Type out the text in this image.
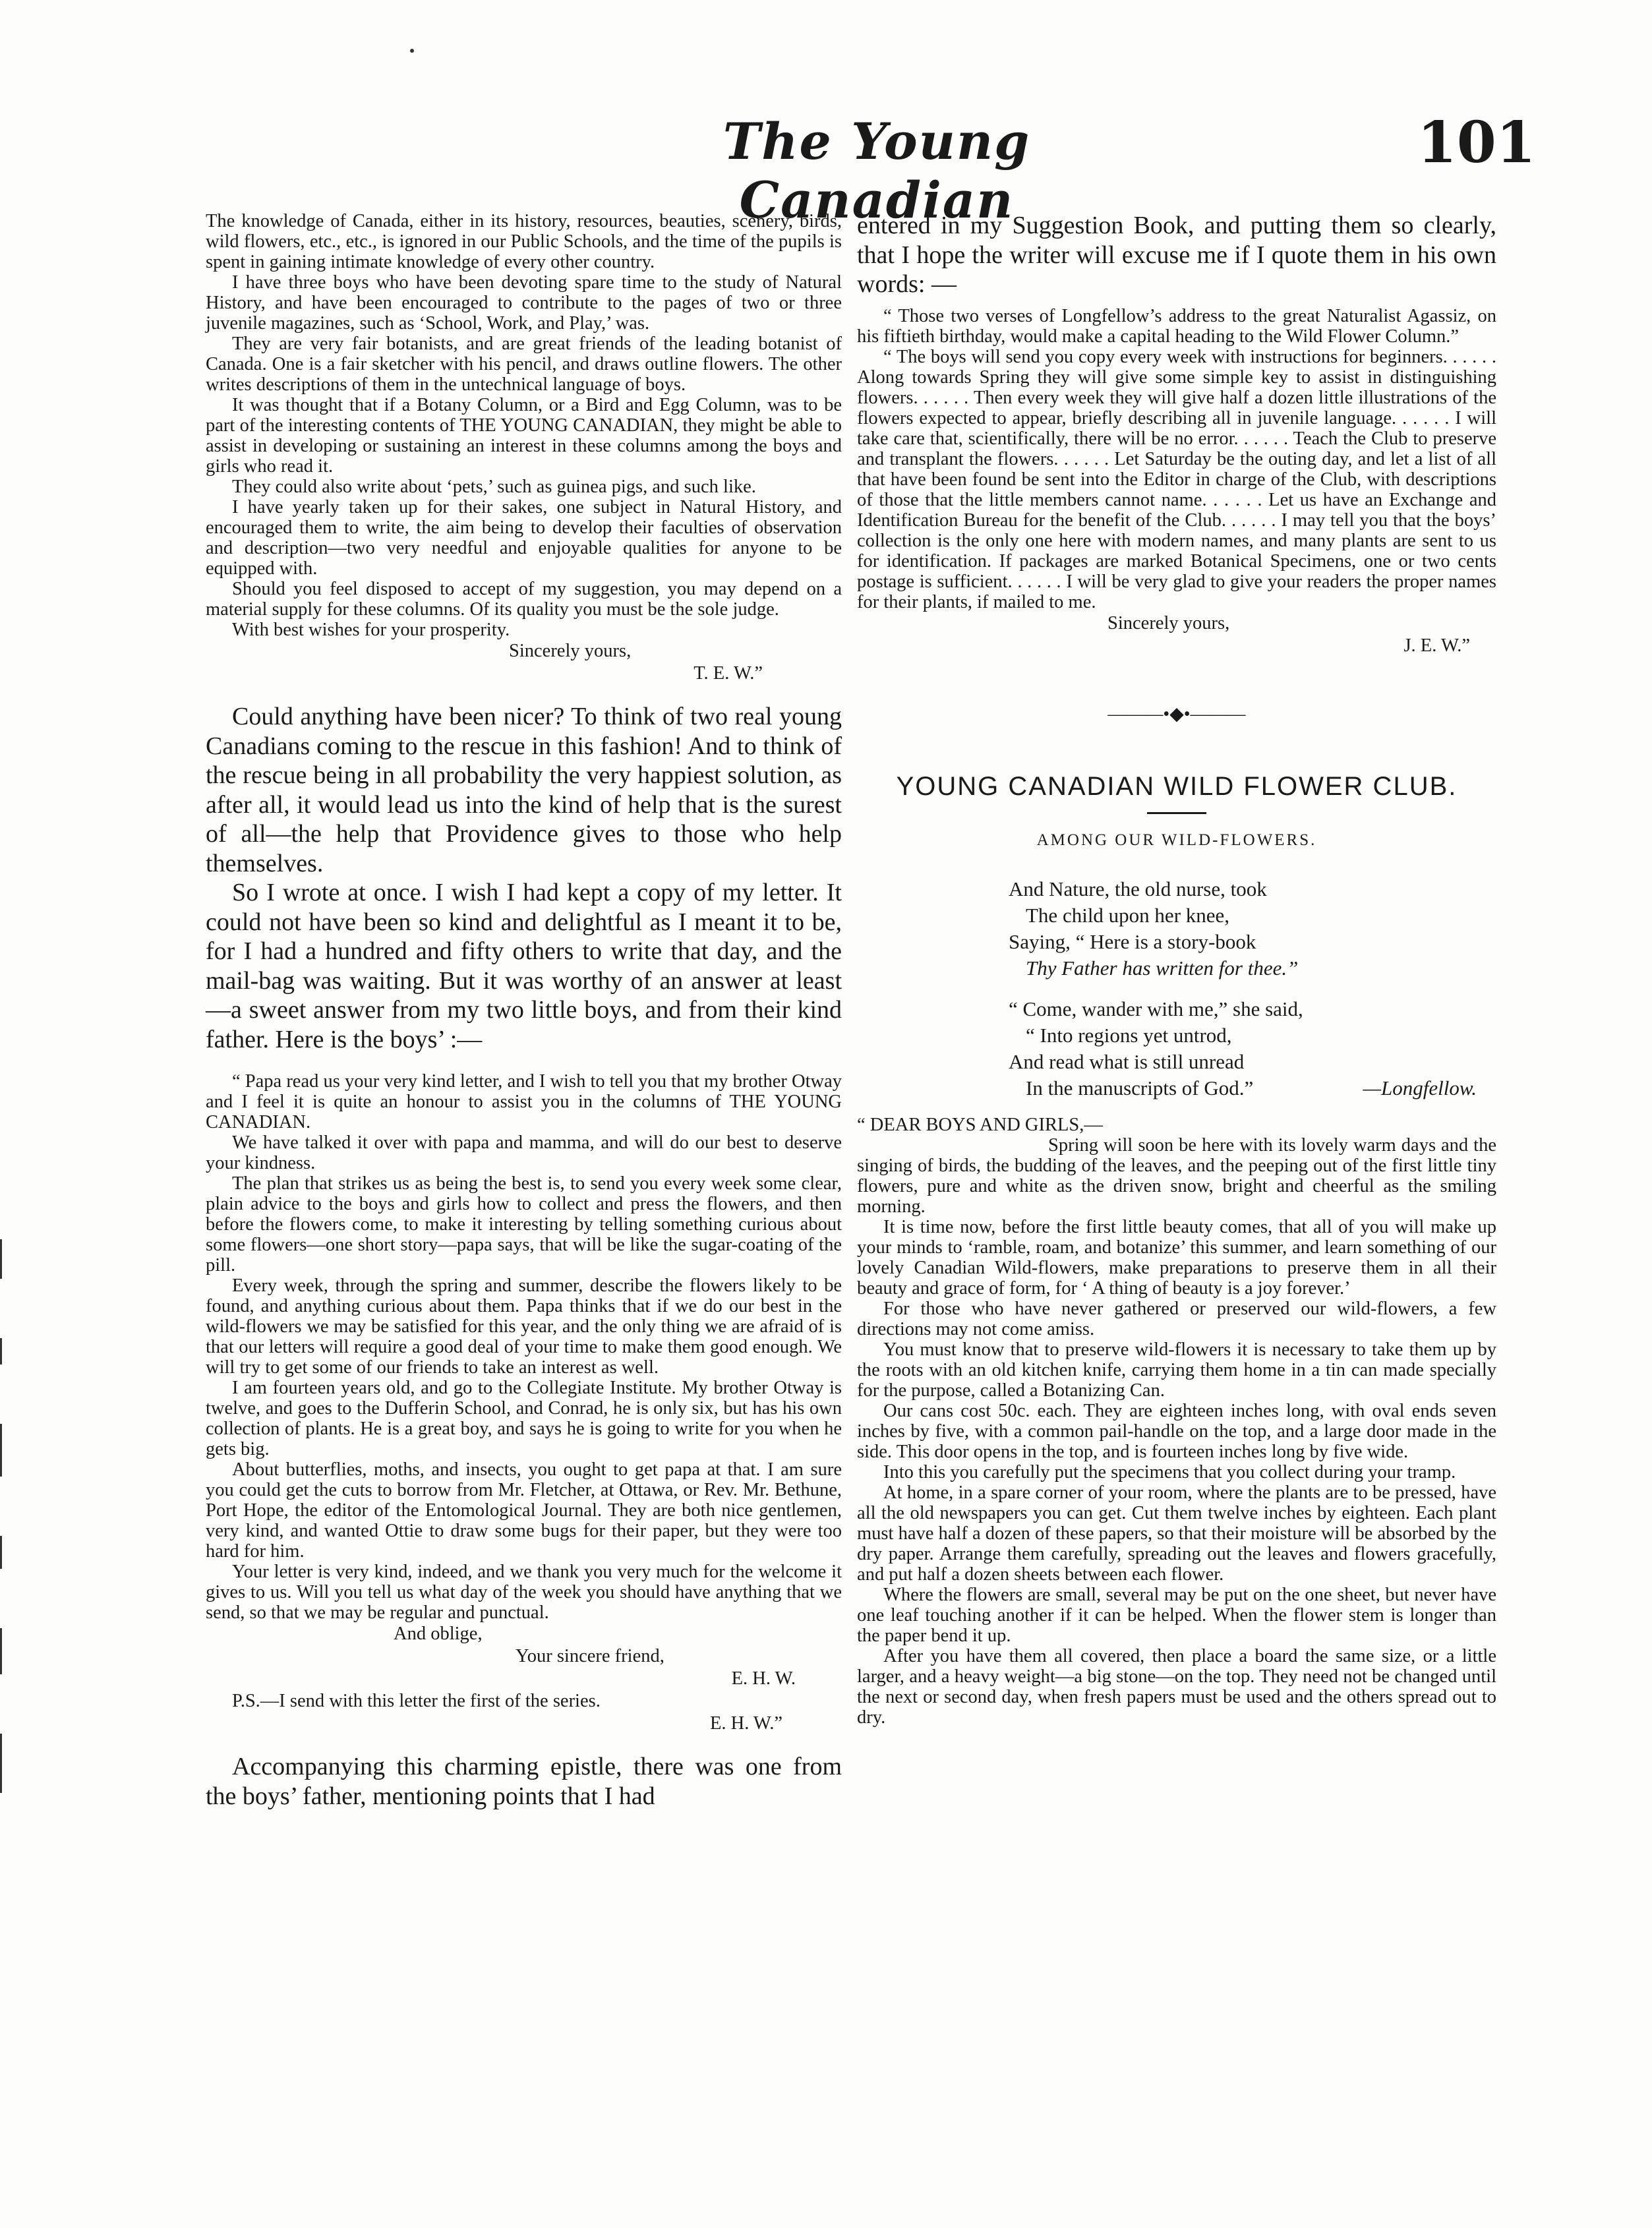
The Young Canadian
101

The knowledge of Canada, either in its history, resources, beauties, scenery, birds, wild flowers, etc., etc., is ignored in our Public Schools, and the time of the pupils is spent in gaining intimate knowledge of every other country.

I have three boys who have been devoting spare time to the study of Natural History, and have been encouraged to contribute to the pages of two or three juvenile magazines, such as ‘School, Work, and Play,’ was.

They are very fair botanists, and are great friends of the leading botanist of Canada. One is a fair sketcher with his pencil, and draws outline flowers. The other writes descriptions of them in the untechnical language of boys.

It was thought that if a Botany Column, or a Bird and Egg Column, was to be part of the interesting contents of THE YOUNG CANADIAN, they might be able to assist in developing or sustaining an interest in these columns among the boys and girls who read it.

They could also write about ‘pets,’ such as guinea pigs, and such like.

I have yearly taken up for their sakes, one subject in Natural History, and encouraged them to write, the aim being to develop their faculties of observation and description—two very needful and enjoyable qualities for anyone to be equipped with.

Should you feel disposed to accept of my suggestion, you may depend on a material supply for these columns. Of its quality you must be the sole judge.

With best wishes for your prosperity.

Sincerely yours,
T. E. W.”

Could anything have been nicer? To think of two real young Canadians coming to the rescue in this fashion! And to think of the rescue being in all probability the very happiest solution, as after all, it would lead us into the kind of help that is the surest of all—the help that Providence gives to those who help themselves.

So I wrote at once. I wish I had kept a copy of my letter. It could not have been so kind and delightful as I meant it to be, for I had a hundred and fifty others to write that day, and the mail-bag was waiting. But it was worthy of an answer at least—a sweet answer from my two little boys, and from their kind father. Here is the boys’ :—

“ Papa read us your very kind letter, and I wish to tell you that my brother Otway and I feel it is quite an honour to assist you in the columns of THE YOUNG CANADIAN.

We have talked it over with papa and mamma, and will do our best to deserve your kindness.

The plan that strikes us as being the best is, to send you every week some clear, plain advice to the boys and girls how to collect and press the flowers, and then before the flowers come, to make it interesting by telling something curious about some flowers—one short story—papa says, that will be like the sugar-coating of the pill.

Every week, through the spring and summer, describe the flowers likely to be found, and anything curious about them. Papa thinks that if we do our best in the wild-flowers we may be satisfied for this year, and the only thing we are afraid of is that our letters will require a good deal of your time to make them good enough. We will try to get some of our friends to take an interest as well.

I am fourteen years old, and go to the Collegiate Institute. My brother Otway is twelve, and goes to the Dufferin School, and Conrad, he is only six, but has his own collection of plants. He is a great boy, and says he is going to write for you when he gets big.

About butterflies, moths, and insects, you ought to get papa at that. I am sure you could get the cuts to borrow from Mr. Fletcher, at Ottawa, or Rev. Mr. Bethune, Port Hope, the editor of the Entomological Journal. They are both nice gentlemen, very kind, and wanted Ottie to draw some bugs for their paper, but they were too hard for him.

Your letter is very kind, indeed, and we thank you very much for the welcome it gives to us. Will you tell us what day of the week you should have anything that we send, so that we may be regular and punctual.

And oblige,
Your sincere friend,
E. H. W.
P.S.—I send with this letter the first of the series.
E. H. W.”

Accompanying this charming epistle, there was one from the boys’ father, mentioning points that I had

entered in my Suggestion Book, and putting them so clearly, that I hope the writer will excuse me if I quote them in his own words: —

“ Those two verses of Longfellow’s address to the great Naturalist Agassiz, on his fiftieth birthday, would make a capital heading to the Wild Flower Column.”

“ The boys will send you copy every week with instructions for beginners. . . . . . Along towards Spring they will give some simple key to assist in distinguishing flowers. . . . . . Then every week they will give half a dozen little illustrations of the flowers expected to appear, briefly describing all in juvenile language. . . . . . I will take care that, scientifically, there will be no error. . . . . . Teach the Club to preserve and transplant the flowers. . . . . . Let Saturday be the outing day, and let a list of all that have been found be sent into the Editor in charge of the Club, with descriptions of those that the little members cannot name. . . . . . Let us have an Exchange and Identification Bureau for the benefit of the Club. . . . . . I may tell you that the boys’ collection is the only one here with modern names, and many plants are sent to us for identification. If packages are marked Botanical Specimens, one or two cents postage is sufficient. . . . . . I will be very glad to give your readers the proper names for their plants, if mailed to me.

Sincerely yours,
J. E. W.”
———•◆•———
YOUNG CANADIAN WILD FLOWER CLUB.
AMONG OUR WILD-FLOWERS.
And Nature, the old nurse, took
The child upon her knee,
Saying, “ Here is a story-book
Thy Father has written for thee.”
“ Come, wander with me,” she said,
“ Into regions yet untrod,
And read what is still unread
In the manuscripts of God.”	—Longfellow.

“ DEAR BOYS AND GIRLS,—

Spring will soon be here with its lovely warm days and the singing of birds, the budding of the leaves, and the peeping out of the first little tiny flowers, pure and white as the driven snow, bright and cheerful as the smiling morning.

It is time now, before the first little beauty comes, that all of you will make up your minds to ‘ramble, roam, and botanize’ this summer, and learn something of our lovely Canadian Wild-flowers, make preparations to preserve them in all their beauty and grace of form, for ‘ A thing of beauty is a joy forever.’

For those who have never gathered or preserved our wild-flowers, a few directions may not come amiss.

You must know that to preserve wild-flowers it is necessary to take them up by the roots with an old kitchen knife, carrying them home in a tin can made specially for the purpose, called a Botanizing Can.

Our cans cost 50c. each. They are eighteen inches long, with oval ends seven inches by five, with a common pail-handle on the top, and a large door made in the side. This door opens in the top, and is fourteen inches long by five wide.

Into this you carefully put the specimens that you collect during your tramp.

At home, in a spare corner of your room, where the plants are to be pressed, have all the old newspapers you can get. Cut them twelve inches by eighteen. Each plant must have half a dozen of these papers, so that their moisture will be absorbed by the dry paper. Arrange them carefully, spreading out the leaves and flowers gracefully, and put half a dozen sheets between each flower.

Where the flowers are small, several may be put on the one sheet, but never have one leaf touching another if it can be helped. When the flower stem is longer than the paper bend it up.

After you have them all covered, then place a board the same size, or a little larger, and a heavy weight—a big stone—on the top. They need not be changed until the next or second day, when fresh papers must be used and the others spread out to dry.
